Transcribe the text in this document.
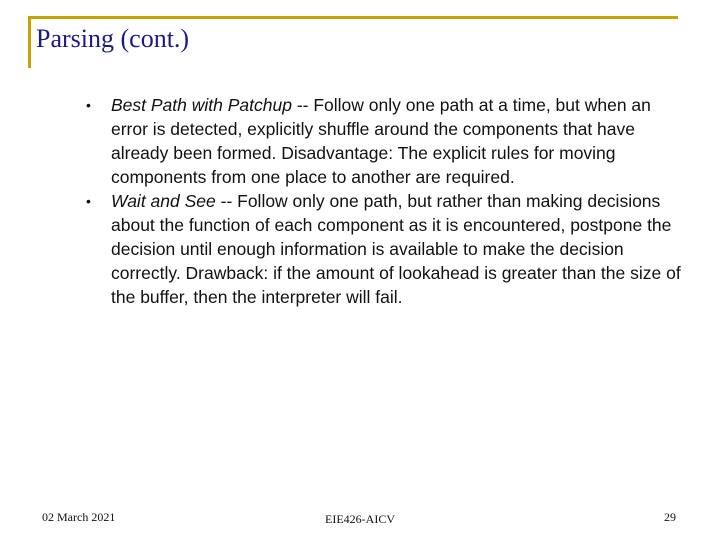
Parsing (cont.)
• Best Path with Patchup -- Follow only one path at a time, but when an error is detected, explicitly shuffle around the components that have already been formed. Disadvantage: The explicit rules for moving components from one place to another are required.
• Wait and See -- Follow only one path, but rather than making decisions about the function of each component as it is encountered, postpone the decision until enough information is available to make the decision correctly. Drawback: if the amount of lookahead is greater than the size of the buffer, then the interpreter will fail.
02 March 2021	EIE426-AICV	29
